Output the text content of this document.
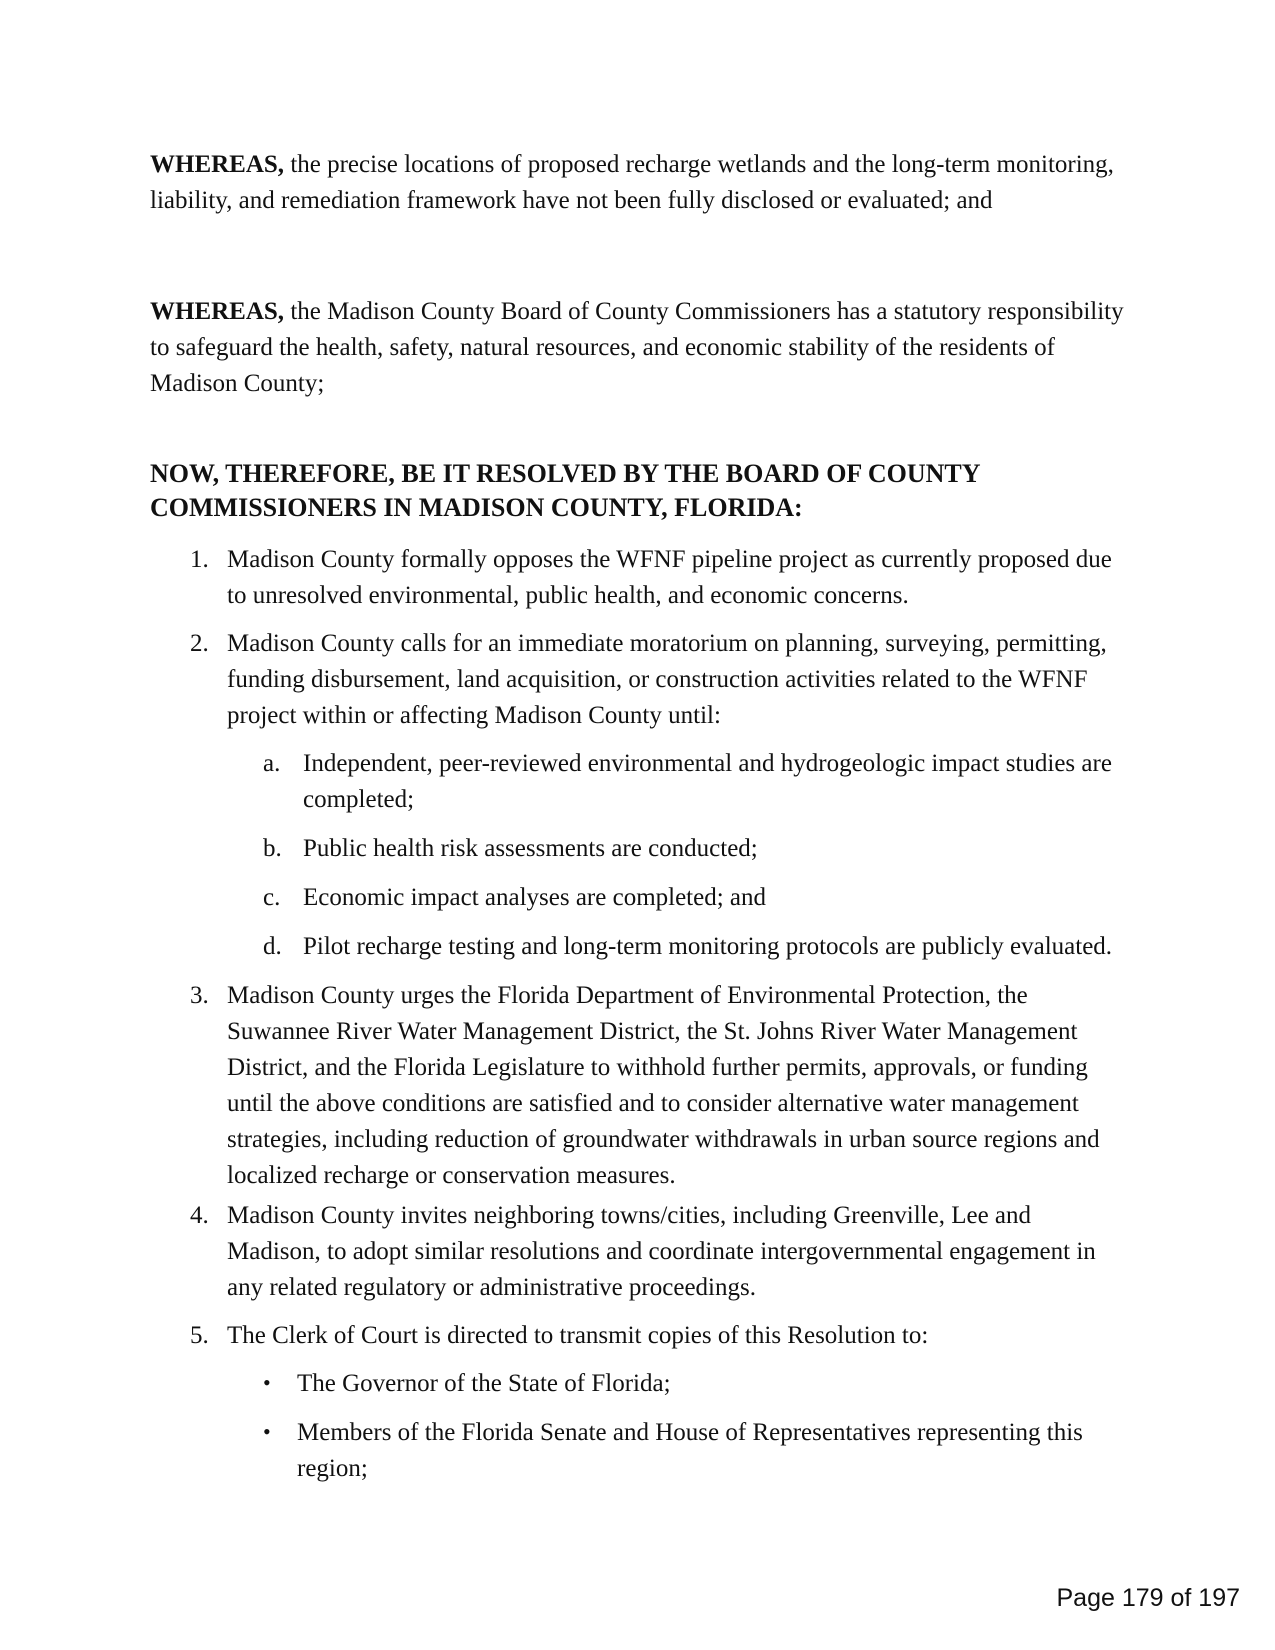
WHEREAS, the precise locations of proposed recharge wetlands and the long-term monitoring, liability, and remediation framework have not been fully disclosed or evaluated; and

WHEREAS, the Madison County Board of County Commissioners has a statutory responsibility to safeguard the health, safety, natural resources, and economic stability of the residents of Madison County;

NOW, THEREFORE, BE IT RESOLVED BY THE BOARD OF COUNTY COMMISSIONERS IN MADISON COUNTY, FLORIDA:
1. Madison County formally opposes the WFNF pipeline project as currently proposed due to unresolved environmental, public health, and economic concerns.
2. Madison County calls for an immediate moratorium on planning, surveying, permitting, funding disbursement, land acquisition, or construction activities related to the WFNF project within or affecting Madison County until:
a. Independent, peer-reviewed environmental and hydrogeologic impact studies are completed;
b. Public health risk assessments are conducted;
c. Economic impact analyses are completed; and
d. Pilot recharge testing and long-term monitoring protocols are publicly evaluated.
3. Madison County urges the Florida Department of Environmental Protection, the Suwannee River Water Management District, the St. Johns River Water Management District, and the Florida Legislature to withhold further permits, approvals, or funding until the above conditions are satisfied and to consider alternative water management strategies, including reduction of groundwater withdrawals in urban source regions and localized recharge or conservation measures.
4. Madison County invites neighboring towns/cities, including Greenville, Lee and Madison, to adopt similar resolutions and coordinate intergovernmental engagement in any related regulatory or administrative proceedings.
5. The Clerk of Court is directed to transmit copies of this Resolution to:
• The Governor of the State of Florida;
• Members of the Florida Senate and House of Representatives representing this region;
Page 179 of 197
